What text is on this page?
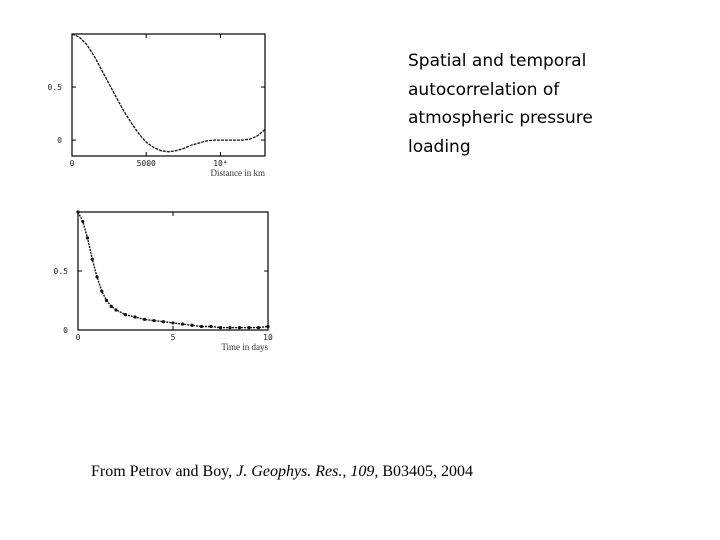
0	5000	10⁴
0.5
0
Distance in km
0	5	10
0.5
0
Time in days
Spatial and temporal
autocorrelation of
atmospheric pressure
loading
From Petrov and Boy, J. Geophys. Res., 109, B03405, 2004
